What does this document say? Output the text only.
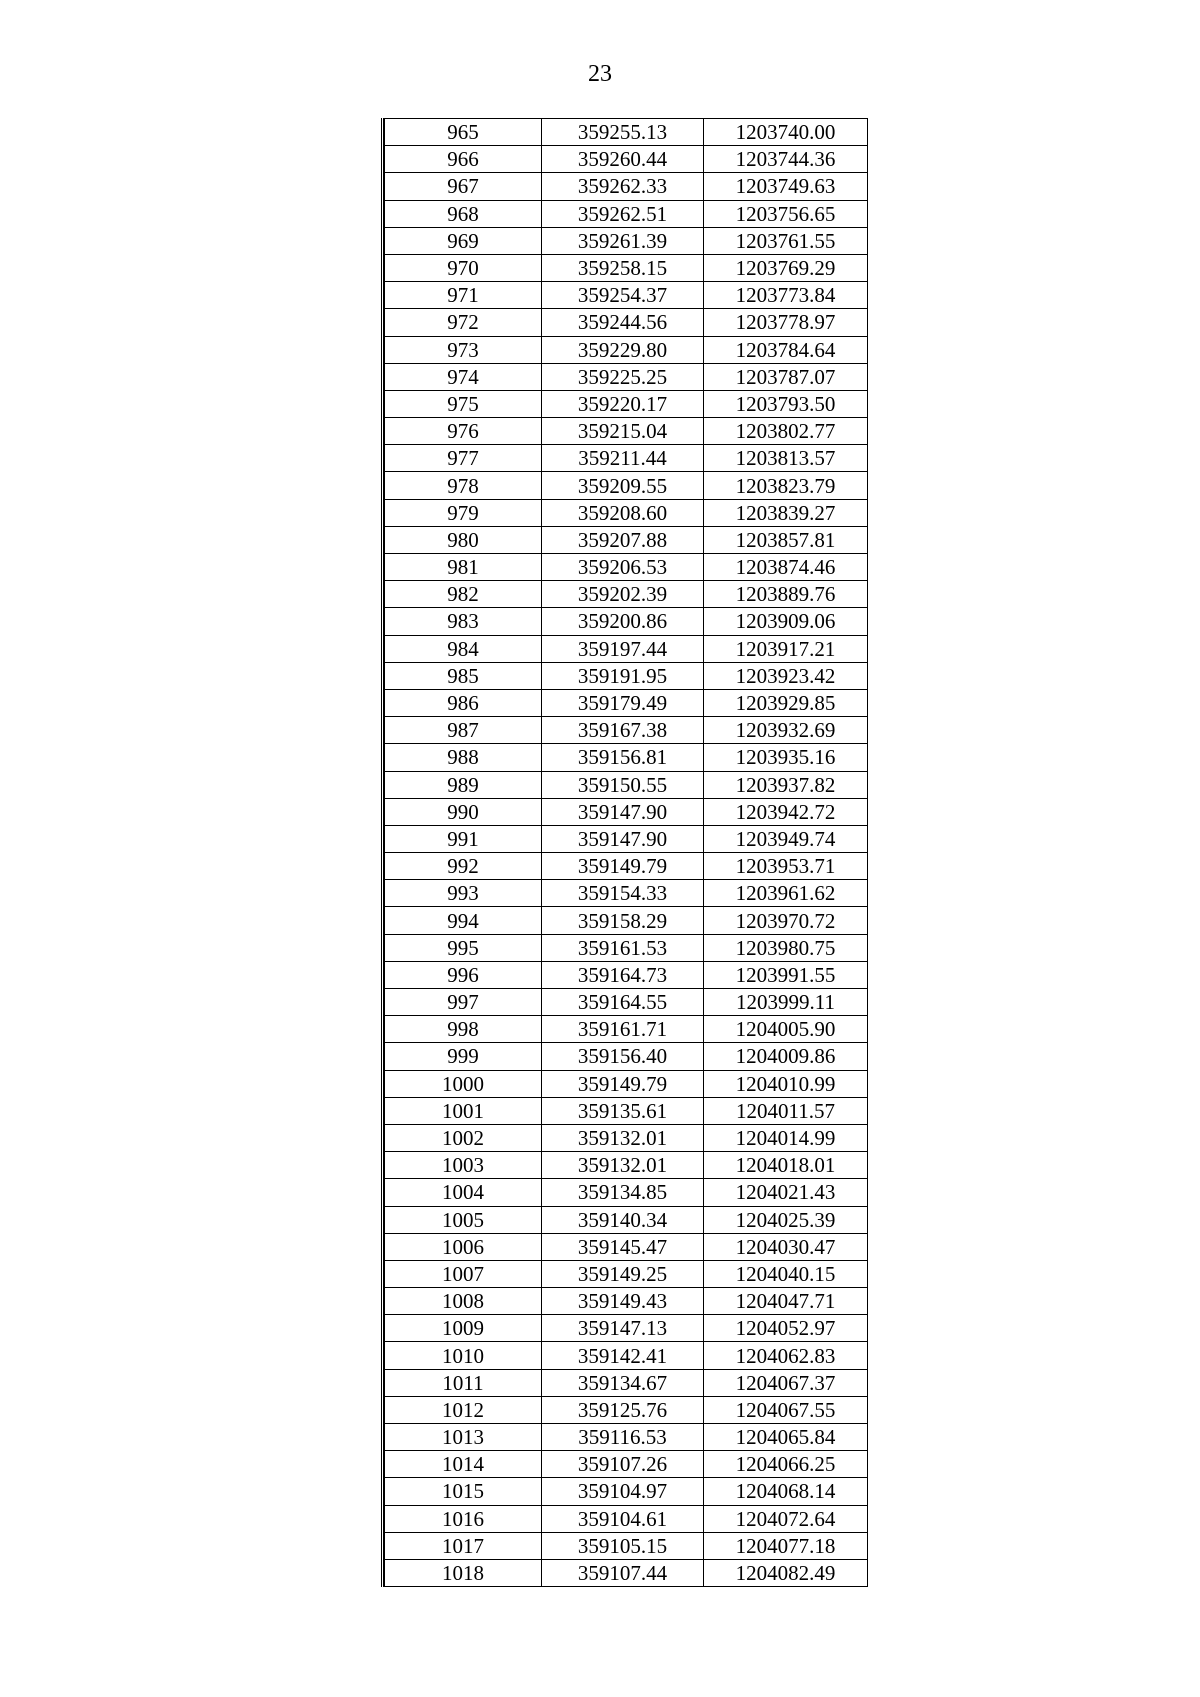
23
965	359255.13	1203740.00
966	359260.44	1203744.36
967	359262.33	1203749.63
968	359262.51	1203756.65
969	359261.39	1203761.55
970	359258.15	1203769.29
971	359254.37	1203773.84
972	359244.56	1203778.97
973	359229.80	1203784.64
974	359225.25	1203787.07
975	359220.17	1203793.50
976	359215.04	1203802.77
977	359211.44	1203813.57
978	359209.55	1203823.79
979	359208.60	1203839.27
980	359207.88	1203857.81
981	359206.53	1203874.46
982	359202.39	1203889.76
983	359200.86	1203909.06
984	359197.44	1203917.21
985	359191.95	1203923.42
986	359179.49	1203929.85
987	359167.38	1203932.69
988	359156.81	1203935.16
989	359150.55	1203937.82
990	359147.90	1203942.72
991	359147.90	1203949.74
992	359149.79	1203953.71
993	359154.33	1203961.62
994	359158.29	1203970.72
995	359161.53	1203980.75
996	359164.73	1203991.55
997	359164.55	1203999.11
998	359161.71	1204005.90
999	359156.40	1204009.86
1000	359149.79	1204010.99
1001	359135.61	1204011.57
1002	359132.01	1204014.99
1003	359132.01	1204018.01
1004	359134.85	1204021.43
1005	359140.34	1204025.39
1006	359145.47	1204030.47
1007	359149.25	1204040.15
1008	359149.43	1204047.71
1009	359147.13	1204052.97
1010	359142.41	1204062.83
1011	359134.67	1204067.37
1012	359125.76	1204067.55
1013	359116.53	1204065.84
1014	359107.26	1204066.25
1015	359104.97	1204068.14
1016	359104.61	1204072.64
1017	359105.15	1204077.18
1018	359107.44	1204082.49
